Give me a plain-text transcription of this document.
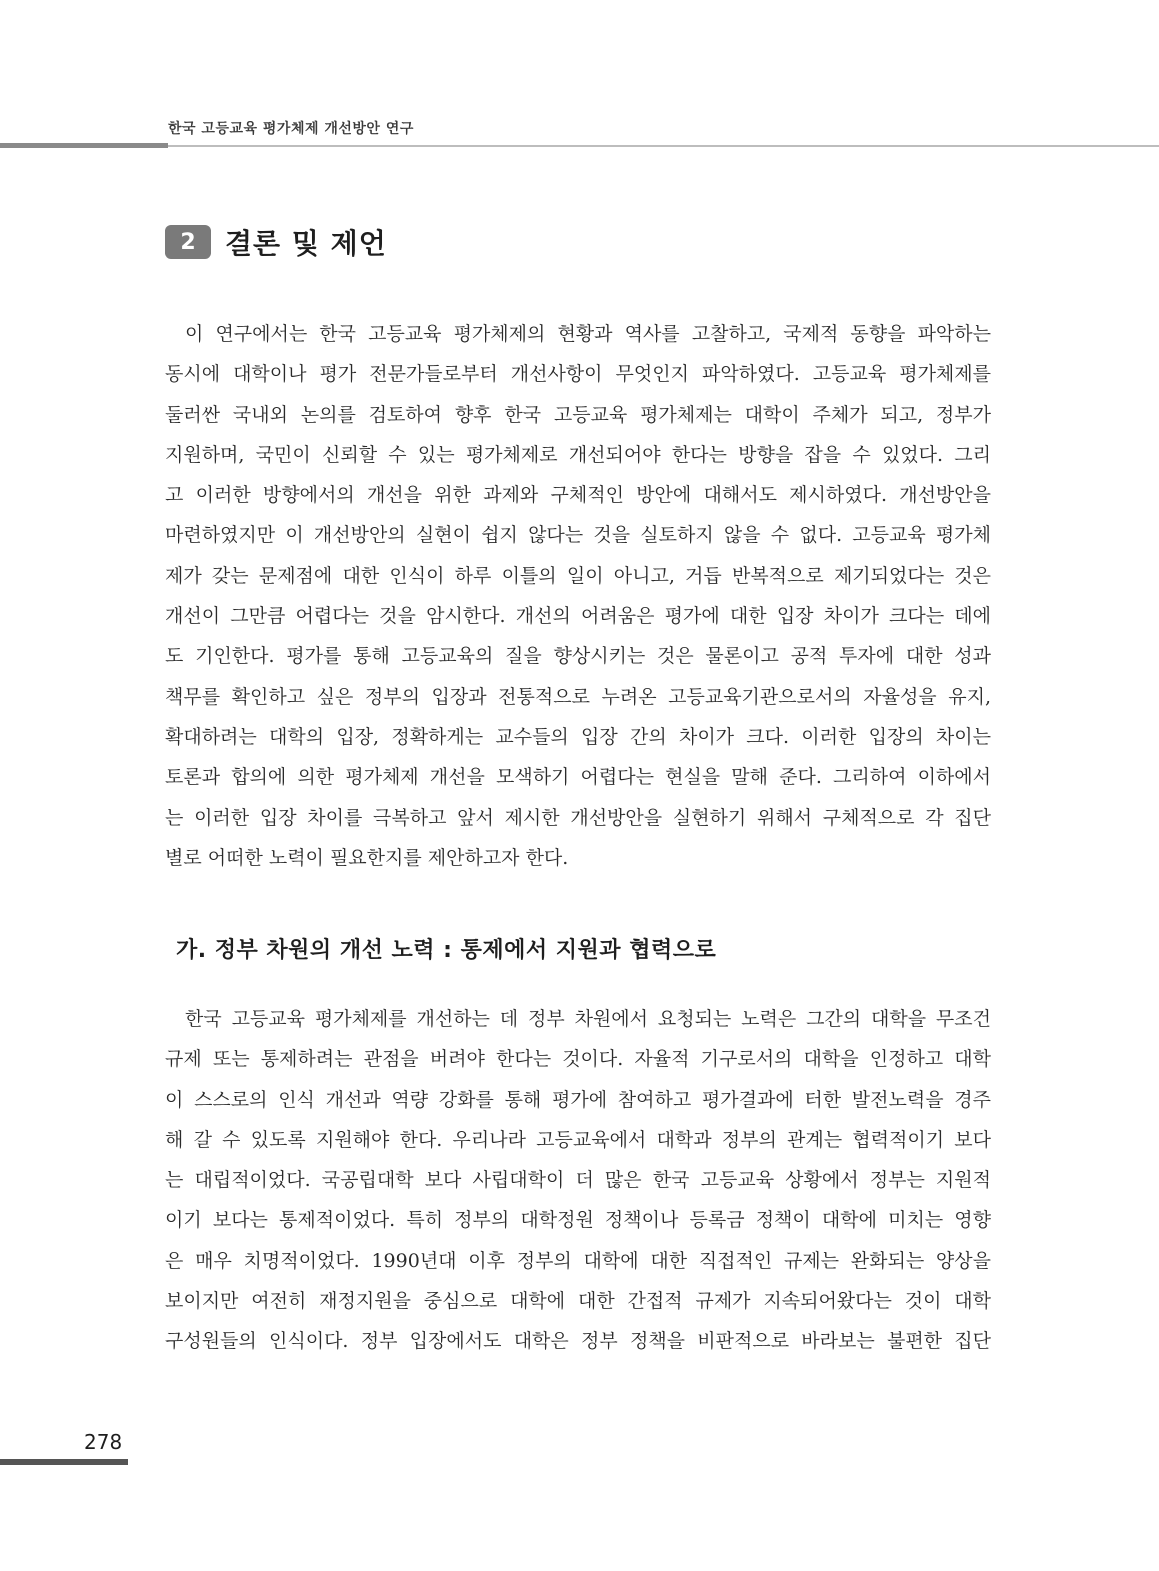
한국 고등교육 평가체제 개선방안 연구
2	결론 및 제언
이 연구에서는 한국 고등교육 평가체제의 현황과 역사를 고찰하고, 국제적 동향을 파악하는
동시에 대학이나 평가 전문가들로부터 개선사항이 무엇인지 파악하였다. 고등교육 평가체제를
둘러싼 국내외 논의를 검토하여 향후 한국 고등교육 평가체제는 대학이 주체가 되고, 정부가
지원하며, 국민이 신뢰할 수 있는 평가체제로 개선되어야 한다는 방향을 잡을 수 있었다. 그리
고 이러한 방향에서의 개선을 위한 과제와 구체적인 방안에 대해서도 제시하였다. 개선방안을
마련하였지만 이 개선방안의 실현이 쉽지 않다는 것을 실토하지 않을 수 없다. 고등교육 평가체
제가 갖는 문제점에 대한 인식이 하루 이틀의 일이 아니고, 거듭 반복적으로 제기되었다는 것은
개선이 그만큼 어렵다는 것을 암시한다. 개선의 어려움은 평가에 대한 입장 차이가 크다는 데에
도 기인한다. 평가를 통해 고등교육의 질을 향상시키는 것은 물론이고 공적 투자에 대한 성과
책무를 확인하고 싶은 정부의 입장과 전통적으로 누려온 고등교육기관으로서의 자율성을 유지,
확대하려는 대학의 입장, 정확하게는 교수들의 입장 간의 차이가 크다. 이러한 입장의 차이는
토론과 합의에 의한 평가체제 개선을 모색하기 어렵다는 현실을 말해 준다. 그리하여 이하에서
는 이러한 입장 차이를 극복하고 앞서 제시한 개선방안을 실현하기 위해서 구체적으로 각 집단
별로 어떠한 노력이 필요한지를 제안하고자 한다.
가. 정부 차원의 개선 노력 : 통제에서 지원과 협력으로
한국 고등교육 평가체제를 개선하는 데 정부 차원에서 요청되는 노력은 그간의 대학을 무조건
규제 또는 통제하려는 관점을 버려야 한다는 것이다. 자율적 기구로서의 대학을 인정하고 대학
이 스스로의 인식 개선과 역량 강화를 통해 평가에 참여하고 평가결과에 터한 발전노력을 경주
해 갈 수 있도록 지원해야 한다. 우리나라 고등교육에서 대학과 정부의 관계는 협력적이기 보다
는 대립적이었다. 국공립대학 보다 사립대학이 더 많은 한국 고등교육 상황에서 정부는 지원적
이기 보다는 통제적이었다. 특히 정부의 대학정원 정책이나 등록금 정책이 대학에 미치는 영향
은 매우 치명적이었다. 1990년대 이후 정부의 대학에 대한 직접적인 규제는 완화되는 양상을
보이지만 여전히 재정지원을 중심으로 대학에 대한 간접적 규제가 지속되어왔다는 것이 대학
구성원들의 인식이다. 정부 입장에서도 대학은 정부 정책을 비판적으로 바라보는 불편한 집단
278
